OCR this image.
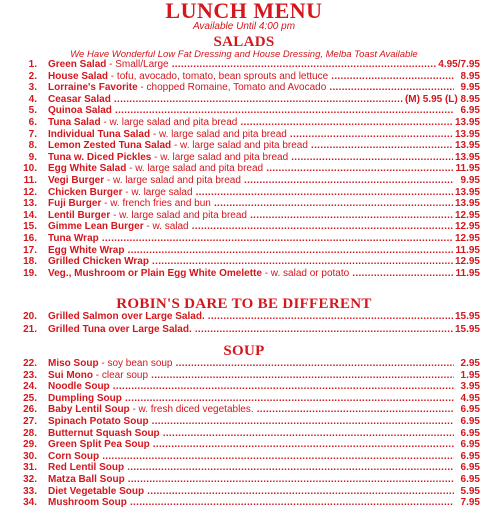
LUNCH MENU
Available Until 4:00 pm
SALADS
We Have Wonderful Low Fat Dressing and House Dressing, Melba Toast Available
1. Green Salad - Small/Large .....	4.95/7.95
2. House Salad - tofu, avocado, tomato, bean sprouts and lettuce .....	8.95
3. Lorraine's Favorite - chopped Romaine, Tomato and Avocado .....	9.95
4. Ceasar Salad .....	(M) 5.95 (L) 8.95
5. Quinoa Salad .....	6.95
6. Tuna Salad - w. large salad and pita bread .....	13.95
7. Individual Tuna Salad - w. large salad and pita bread .....	13.95
8. Lemon Zested Tuna Salad - w. large salad and pita bread .....	13.95
9. Tuna w. Diced Pickles - w. large salad and pita bread .....	13.95
10. Egg White Salad - w. large salad and pita bread .....	11.95
11. Vegi Burger - w. large salad and pita bread .....	9.95
12. Chicken Burger - w. large salad .....	13.95
13. Fuji Burger - w. french fries and bun .....	13.95
14. Lentil Burger - w. large salad and pita bread .....	12.95
15. Gimme Lean Burger - w. salad .....	12.95
16. Tuna Wrap .....	12.95
17. Egg White Wrap .....	11.95
18. Grilled Chicken Wrap .....	12.95
19. Veg., Mushroom or Plain Egg White Omelette - w. salad or potato .....	11.95
ROBIN'S DARE TO BE DIFFERENT
20. Grilled Salmon over Large Salad. .....	15.95
21. Grilled Tuna over Large Salad. .....	15.95
SOUP
22. Miso Soup - soy bean soup .....	2.95
23. Sui Mono - clear soup .....	1.95
24. Noodle Soup .....	3.95
25. Dumpling Soup .....	4.95
26. Baby Lentil Soup - w. fresh diced vegetables. .....	6.95
27. Spinach Potato Soup .....	6.95
28. Butternut Squash Soup .....	6.95
29. Green Split Pea Soup .....	6.95
30. Corn Soup .....	6.95
31. Red Lentil Soup .....	6.95
32. Matza Ball Soup .....	6.95
33. Diet Vegetable Soup .....	5.95
34. Mushroom Soup .....	7.95
